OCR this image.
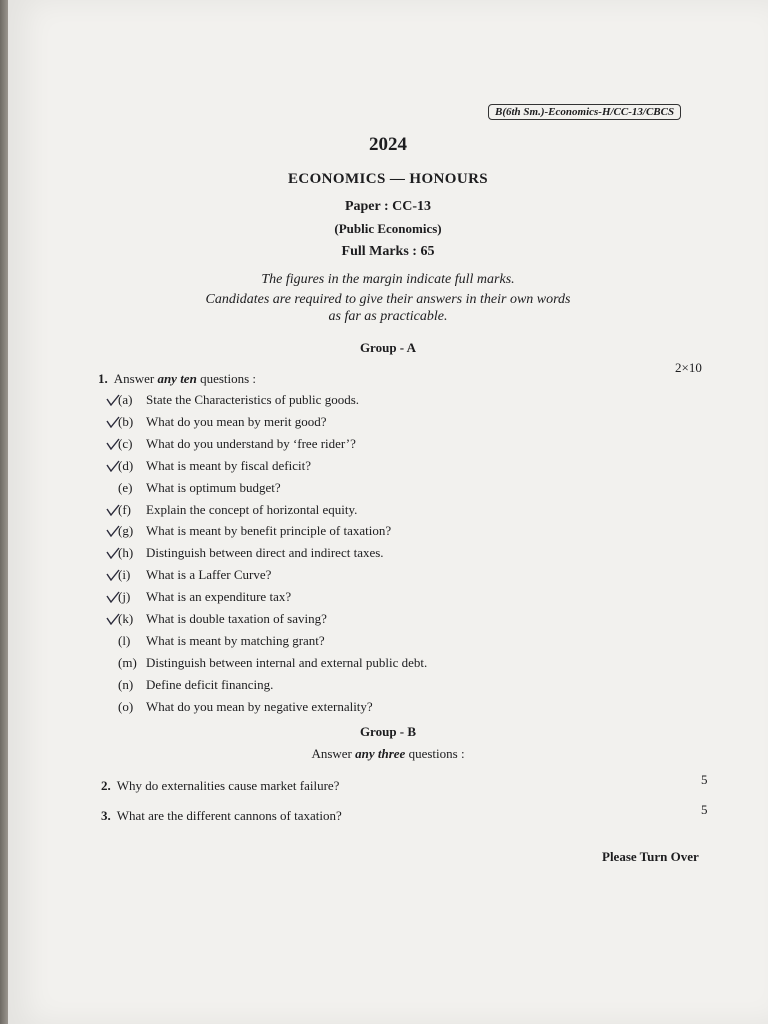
B(6th Sm.)-Economics-H/CC-13/CBCS
2024
ECONOMICS — HONOURS
Paper : CC-13
(Public Economics)
Full Marks : 65
The figures in the margin indicate full marks.
Candidates are required to give their answers in their own words
as far as practicable.
Group - A
1. Answer any ten questions :
2×10
(a) State the Characteristics of public goods.
(b) What do you mean by merit good?
(c) What do you understand by ‘free rider’?
(d) What is meant by fiscal deficit?
(e) What is optimum budget?
(f) Explain the concept of horizontal equity.
(g) What is meant by benefit principle of taxation?
(h) Distinguish between direct and indirect taxes.
(i) What is a Laffer Curve?
(j) What is an expenditure tax?
(k) What is double taxation of saving?
(l) What is meant by matching grant?
(m) Distinguish between internal and external public debt.
(n) Define deficit financing.
(o) What do you mean by negative externality?
Group - B
Answer any three questions :
2. Why do externalities cause market failure?	5
3. What are the different cannons of taxation?	5
Please Turn Over
